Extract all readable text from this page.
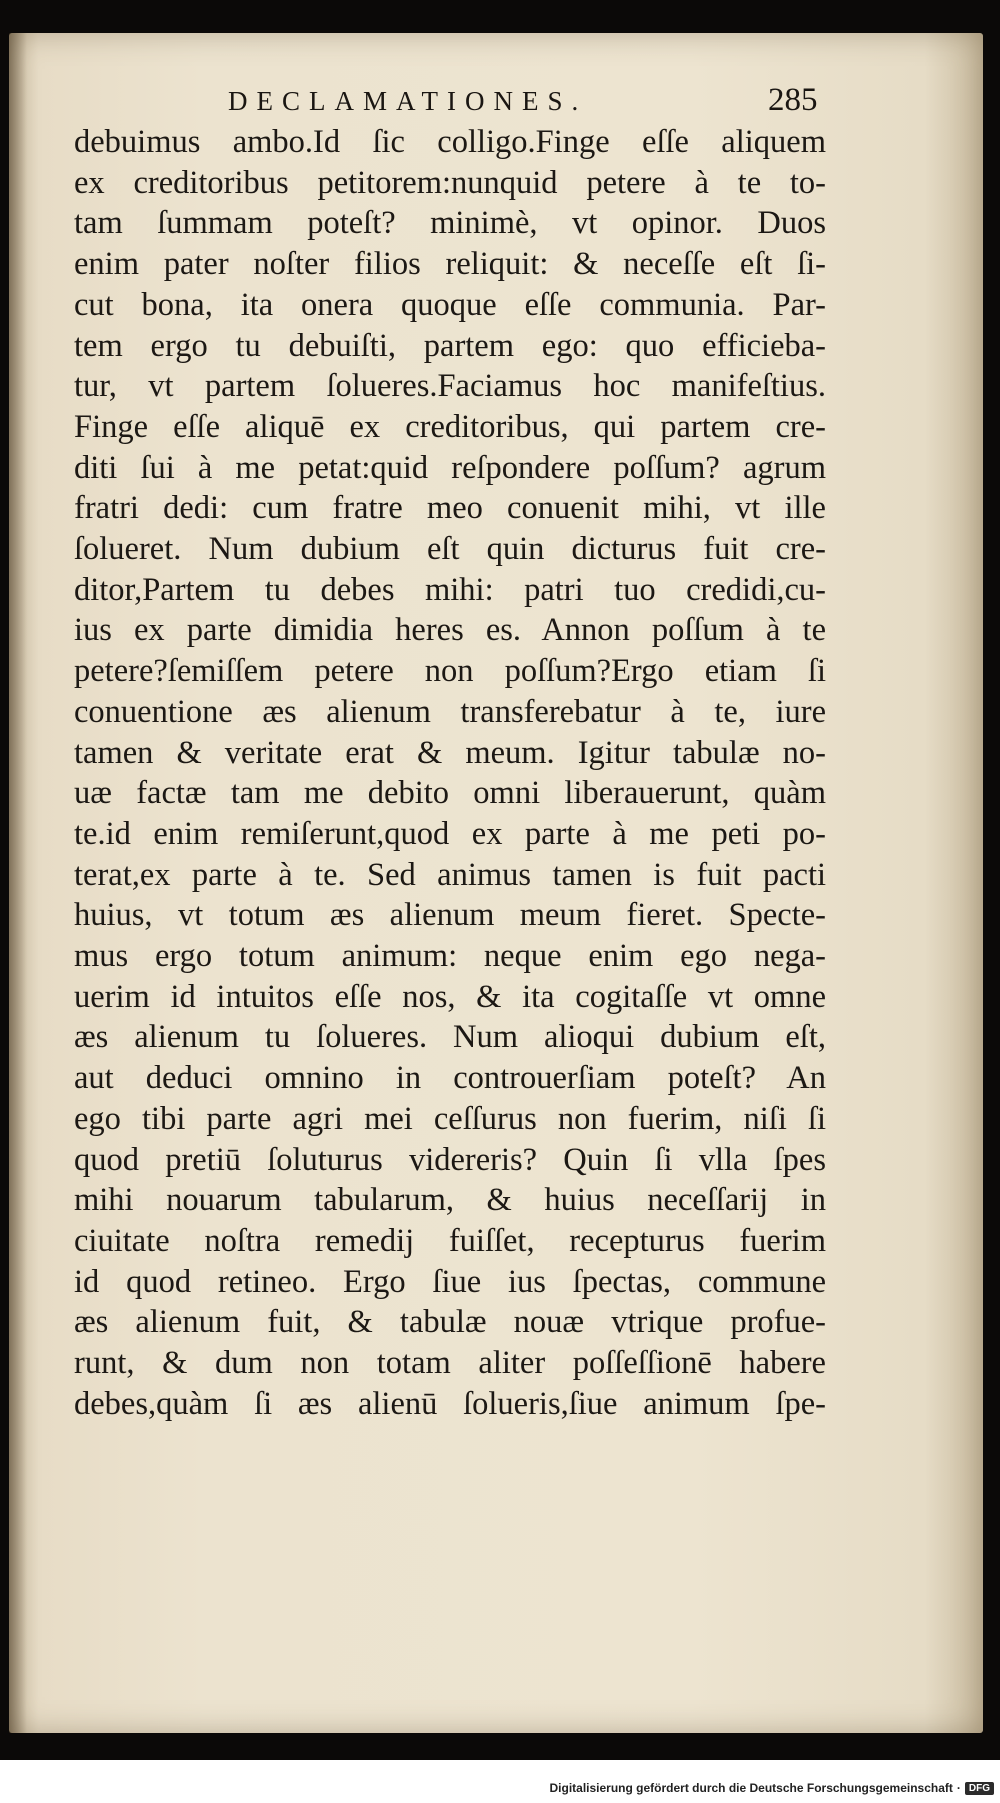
DECLAMATIONES.	285
debuimus ambo.Id ſic colligo.Finge eſſe aliquem
ex creditoribus petitorem:nunquid petere à te to-
tam ſummam poteſt? minimè, vt opinor. Duos
enim pater noſter filios reliquit: & neceſſe eſt ſi-
cut bona, ita onera quoque eſſe communia. Par-
tem ergo tu debuiſti, partem ego: quo efficieba-
tur, vt partem ſolueres.Faciamus hoc manifeſtius.
Finge eſſe aliquē ex creditoribus, qui partem cre-
diti ſui à me petat:quid reſpondere poſſum? agrum
fratri dedi: cum fratre meo conuenit mihi, vt ille
ſolueret. Num dubium eſt quin dicturus fuit cre-
ditor,Partem tu debes mihi: patri tuo credidi,cu-
ius ex parte dimidia heres es. Annon poſſum à te
petere?ſemiſſem petere non poſſum?Ergo etiam ſi
conuentione æs alienum transferebatur à te, iure
tamen & veritate erat & meum. Igitur tabulæ no-
uæ factæ tam me debito omni liberauerunt, quàm
te.id enim remiſerunt,quod ex parte à me peti po-
terat,ex parte à te. Sed animus tamen is fuit pacti
huius, vt totum æs alienum meum fieret. Specte-
mus ergo totum animum: neque enim ego nega-
uerim id intuitos eſſe nos, & ita cogitaſſe vt omne
æs alienum tu ſolueres. Num alioqui dubium eſt,
aut deduci omnino in controuerſiam poteſt? An
ego tibi parte agri mei ceſſurus non fuerim, niſi ſi
quod pretiū ſoluturus videreris? Quin ſi vlla ſpes
mihi nouarum tabularum, & huius neceſſarij in
ciuitate noſtra remedij fuiſſet, recepturus fuerim
id quod retineo. Ergo ſiue ius ſpectas, commune
æs alienum fuit, & tabulæ nouæ vtrique profue-
runt, & dum non totam aliter poſſeſſionē habere
debes,quàm ſi æs alienū ſolueris,ſiue animum ſpe-
Digitalisierung gefördert durch die Deutsche Forschungsgemeinschaft · DFG
